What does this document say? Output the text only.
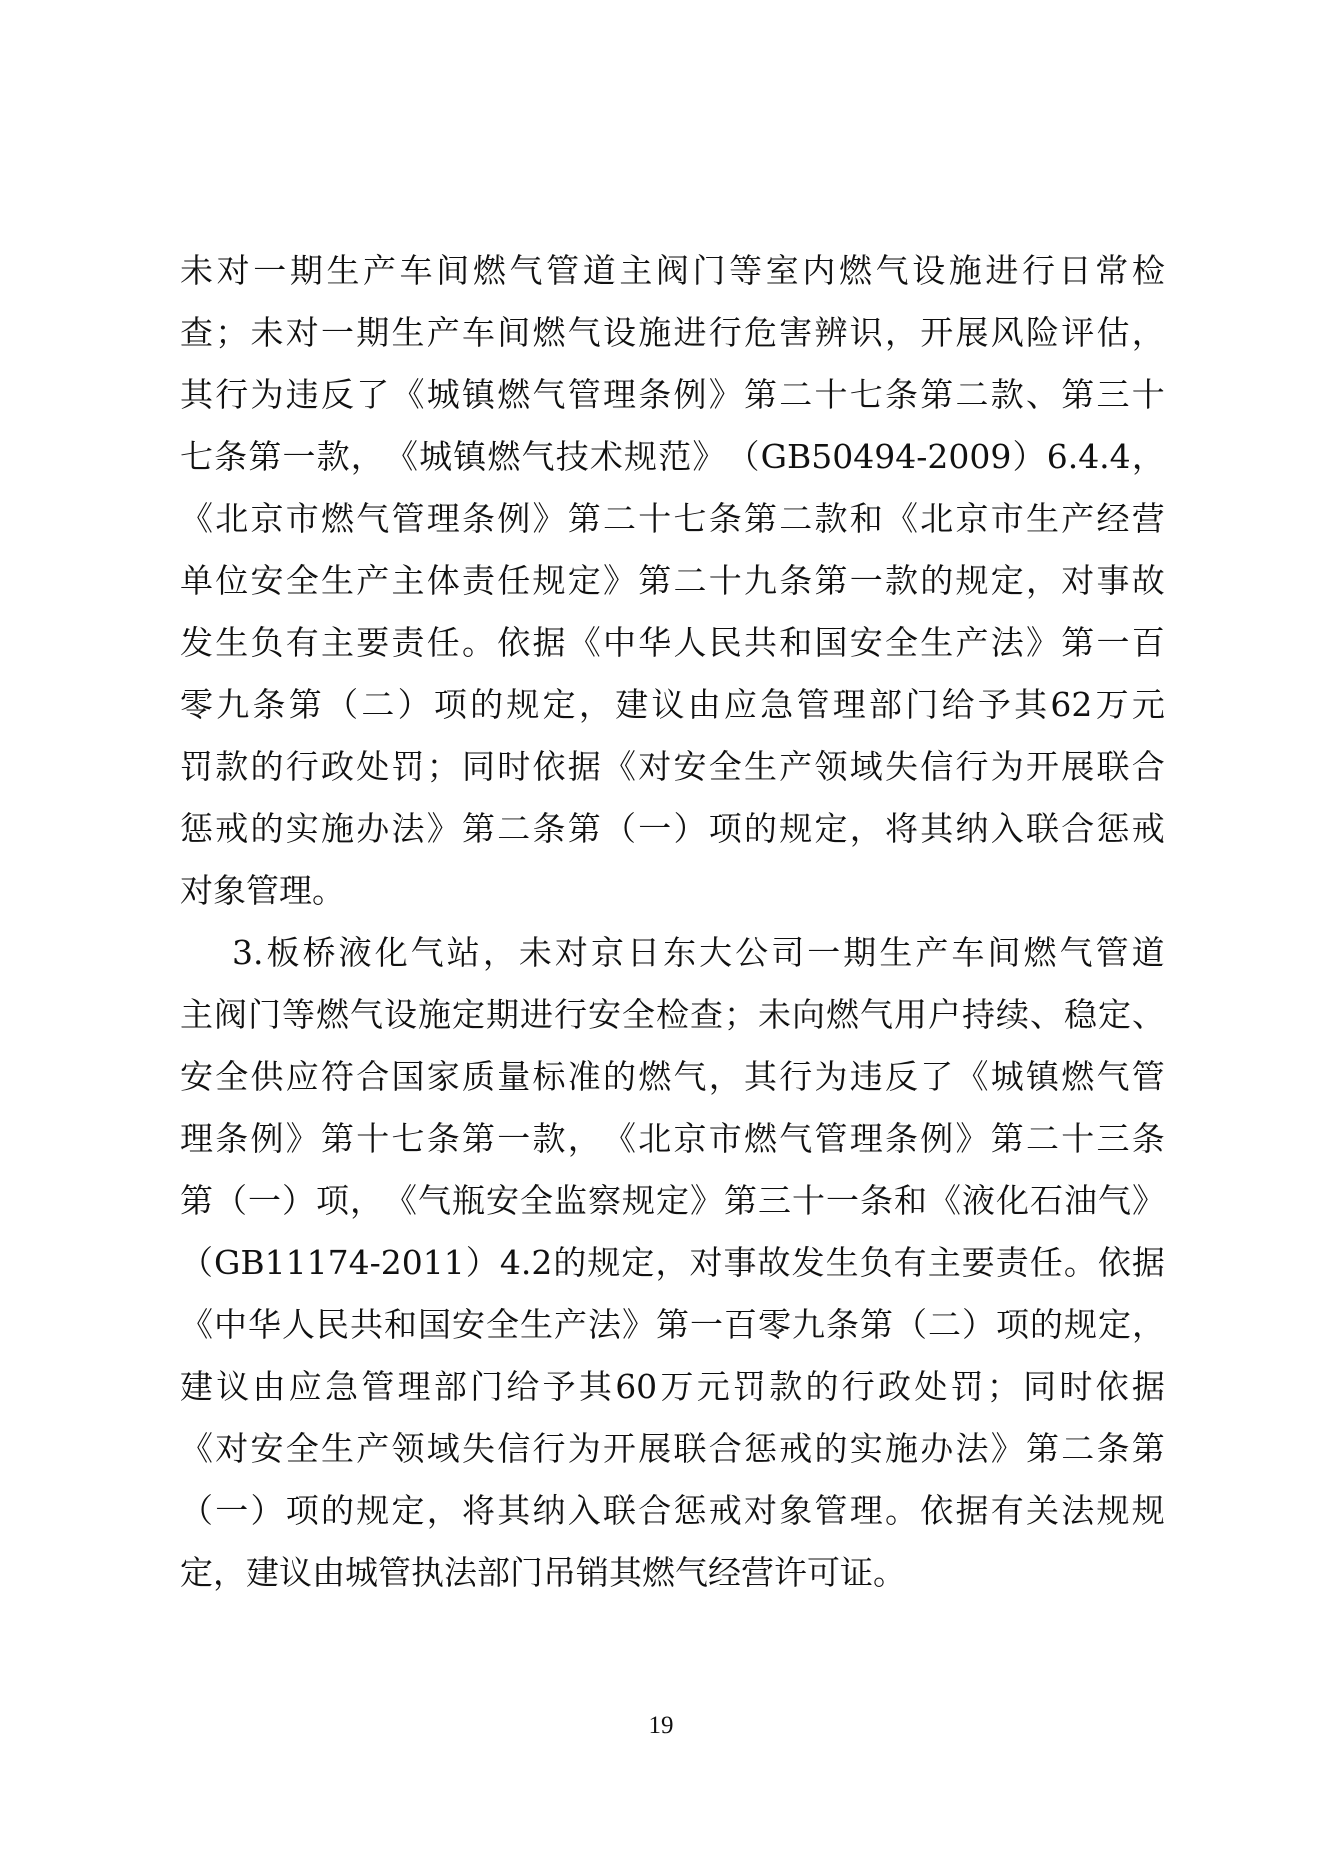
未 对 一 期 生 产 车 间 燃 气 管 道 主 阀 门 等 室 内 燃 气 设 施 进 行 日 常 检
查 ； 未 对 一 期 生 产 车 间 燃 气 设 施 进 行 危 害 辨 识 ， 开 展 风 险 评 估 ，
其 行 为 违 反 了 《 城 镇 燃 气 管 理 条 例 》 第 二 十 七 条 第 二 款 、 第 三 十
七 条 第 一 款 ， 《 城 镇 燃 气 技 术 规 范 》 （ GB50494-2009 ） 6.4.4 ，
《 北 京 市 燃 气 管 理 条 例 》 第 二 十 七 条 第 二 款 和 《 北 京 市 生 产 经 营
单 位 安 全 生 产 主 体 责 任 规 定 》 第 二 十 九 条 第 一 款 的 规 定 ， 对 事 故
发 生 负 有 主 要 责 任 。 依 据 《 中 华 人 民 共 和 国 安 全 生 产 法 》 第 一 百
零 九 条 第 （ 二 ） 项 的 规 定 ， 建 议 由 应 急 管 理 部 门 给 予 其 62 万 元
罚 款 的 行 政 处 罚 ； 同 时 依 据 《 对 安 全 生 产 领 域 失 信 行 为 开 展 联 合
惩 戒 的 实 施 办 法 》 第 二 条 第 （ 一 ） 项 的 规 定 ， 将 其 纳 入 联 合 惩 戒
对 象 管 理 。
3. 板 桥 液 化 气 站 ， 未 对 京 日 东 大 公 司 一 期 生 产 车 间 燃 气 管 道
主 阀 门 等 燃 气 设 施 定 期 进 行 安 全 检 查 ； 未 向 燃 气 用 户 持 续 、 稳 定 、
安 全 供 应 符 合 国 家 质 量 标 准 的 燃 气 ， 其 行 为 违 反 了 《 城 镇 燃 气 管
理 条 例 》 第 十 七 条 第 一 款 ， 《 北 京 市 燃 气 管 理 条 例 》 第 二 十 三 条
第 （ 一 ） 项 ， 《 气 瓶 安 全 监 察 规 定 》 第 三 十 一 条 和 《 液 化 石 油 气 》
（ GB11174-2011 ） 4.2 的 规 定 ， 对 事 故 发 生 负 有 主 要 责 任 。 依 据
《 中 华 人 民 共 和 国 安 全 生 产 法 》 第 一 百 零 九 条 第 （ 二 ） 项 的 规 定 ，
建 议 由 应 急 管 理 部 门 给 予 其 60 万 元 罚 款 的 行 政 处 罚 ； 同 时 依 据
《 对 安 全 生 产 领 域 失 信 行 为 开 展 联 合 惩 戒 的 实 施 办 法 》 第 二 条 第
（ 一 ） 项 的 规 定 ， 将 其 纳 入 联 合 惩 戒 对 象 管 理 。 依 据 有 关 法 规 规
定 ， 建 议 由 城 管 执 法 部 门 吊 销 其 燃 气 经 营 许 可 证 。
19
